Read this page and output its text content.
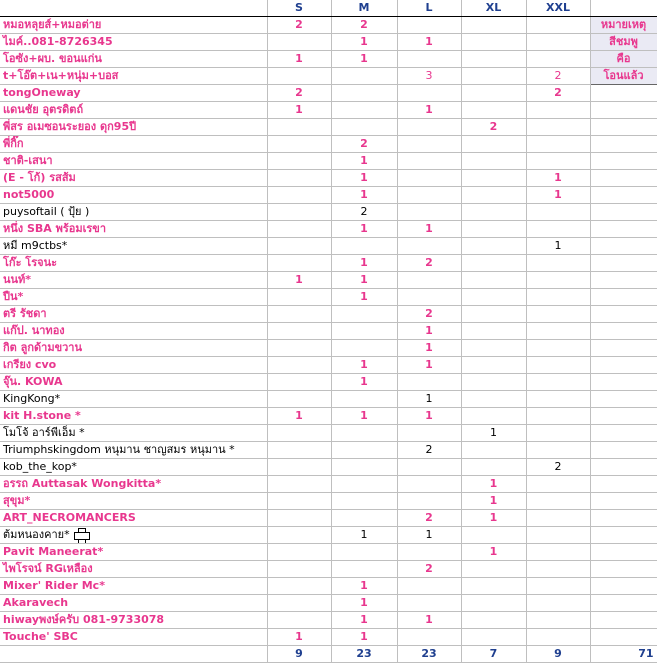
	S	M	L	XL	XXL	
หมอหลุยส์+หมอต่าย	2	2				หมายเหตุ
ไมค์..081-8726345		1	1			สีชมพู
โอซัง+ผบ. ขอนแก่น	1	1				คือ
t+โอ๊ต+เน+หนุ่ม+บอส			3		2	โอนแล้ว
tongOneway	2				2	
แดนชัย อุตรดิตถ์	1		1			
พี่สร อเมซอนระยอง ดุก95ปี				2		
พี่กิ๊ก		2				
ชาติ-เสนา		1				
(E - โก้) รสส้ม		1			1	
not5000		1			1	
puysoftail ( ปุ้ย )		2				
หนึ่ง SBA พร้อมเรขา		1	1			
หมี m9ctbs*					1	
โก๊ะ โรจนะ		1	2			
นนท์*	1	1				
ปืน*		1				
ตรี รัชดา			2			
แก๊ป. นาทอง			1			
กิต ลูกด้ามขวาน			1			
เกรียง cvo		1	1			
จุ๊น. KOWA		1				
KingKong*			1			
kit H.stone *	1	1	1			
โมโจ้ อาร์พีเอ็ม *				1		
Triumphskingdom หนุมาน ชาญสมร หนุมาน *			2			
kob_the_kop*					2	
อรรถ Auttasak Wongkitta*				1		
สุขุม*				1		
ART_NECROMANCERS			2	1		
ต้มหนองคาย*		1	1			
Pavit Maneerat*				1		
ไพโรจน์ RGเหลือง			2			
Mixer' Rider Mc*		1				
Akaravech		1				
hiwayพงษ์ครับ 081-9733078		1	1			
Touche' SBC	1	1				
	9	23	23	7	9	71
